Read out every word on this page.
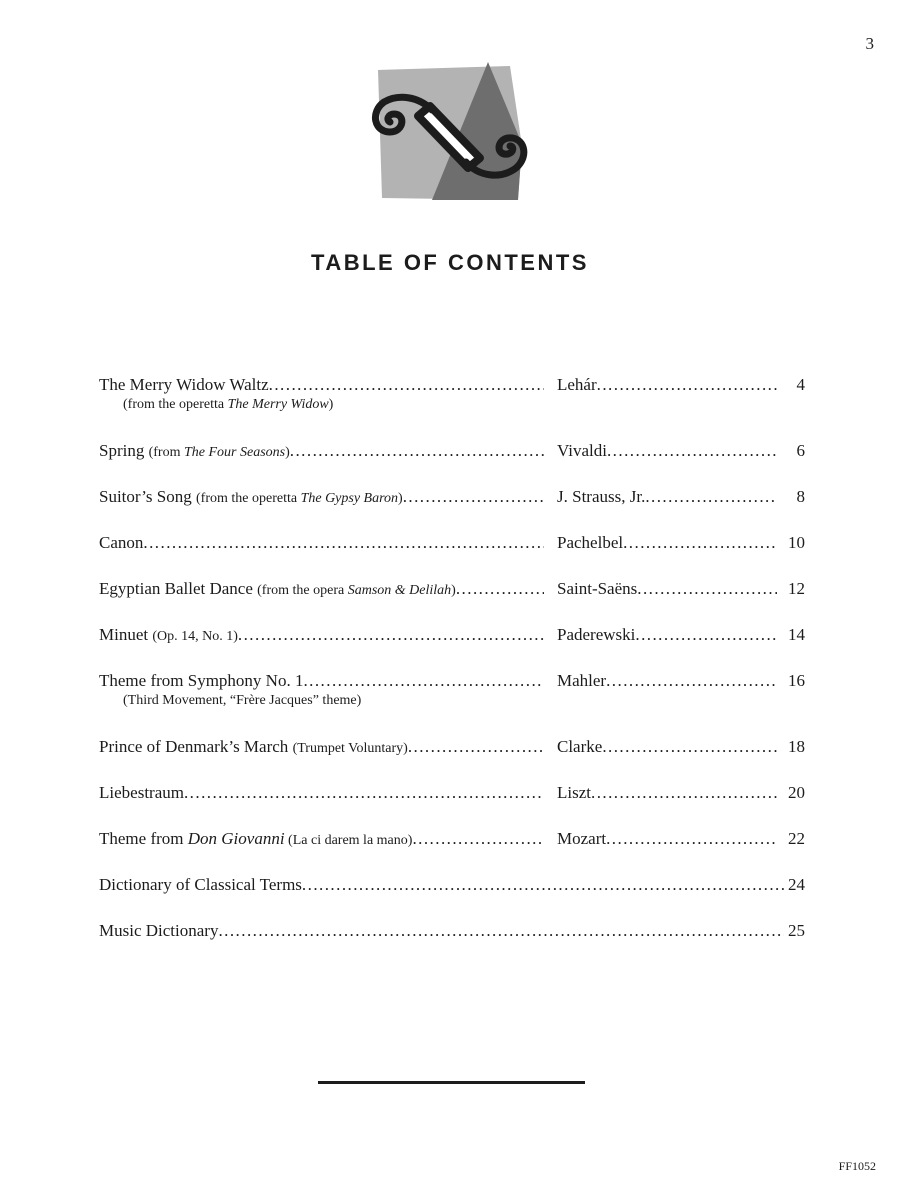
3
TABLE OF CONTENTS
The Merry Widow Waltz . . .	Lehár . . .	4
(from the operetta The Merry Widow)
Spring (from The Four Seasons) . . .	Vivaldi . . .	6
Suitor’s Song (from the operetta The Gypsy Baron) . . .	J. Strauss, Jr. . . .	8
Canon . . .	Pachelbel . . .	10
Egyptian Ballet Dance (from the opera Samson & Delilah) . . .	Saint-Saëns . . .	12
Minuet (Op. 14, No. 1) . . .	Paderewski . . .	14
Theme from Symphony No. 1 . . .	Mahler . . .	16
(Third Movement, “Frère Jacques” theme)
Prince of Denmark’s March (Trumpet Voluntary) . . .	Clarke . . .	18
Liebestraum . . .	Liszt . . .	20
Theme from Don Giovanni (La ci darem la mano) . . .	Mozart . . .	22
Dictionary of Classical Terms . . .	24
Music Dictionary . . .	25
FF1052
